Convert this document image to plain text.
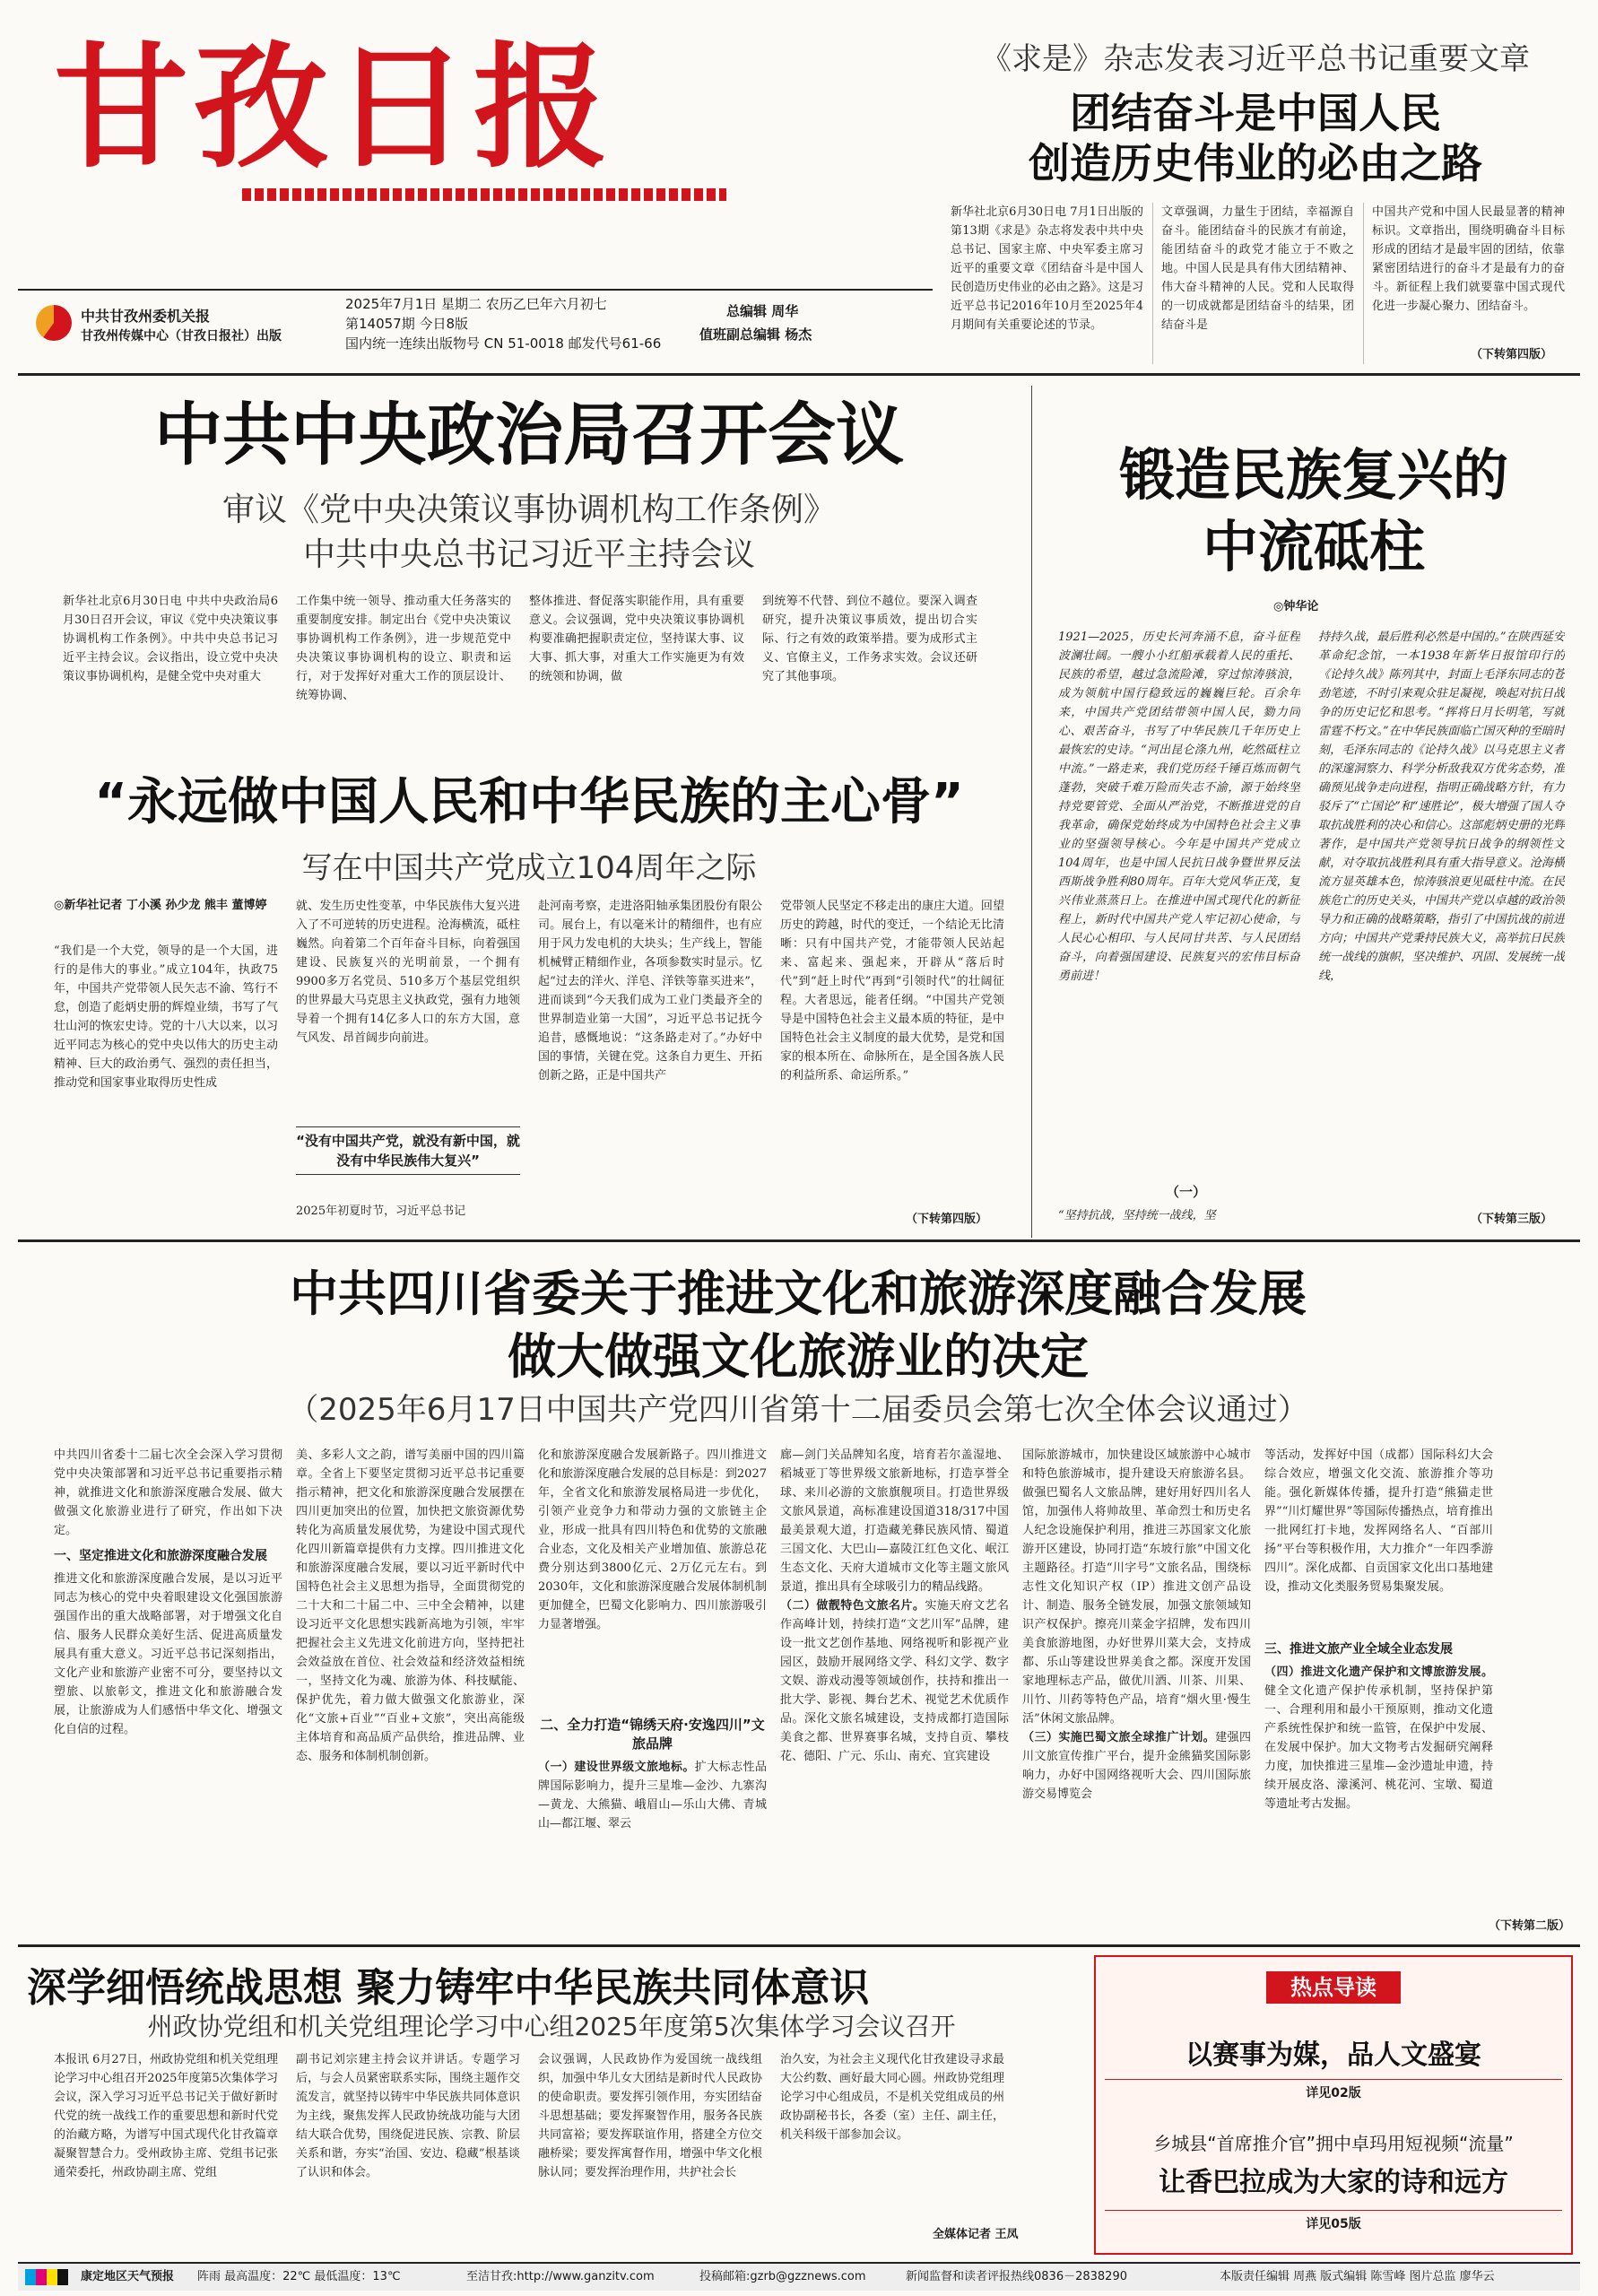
甘孜日报
中共甘孜州委机关报
甘孜州传媒中心（甘孜日报社）出版
2025年7月1日 星期二 农历乙巳年六月初七
第14057期 今日8版
国内统一连续出版物号 CN 51-0018 邮发代号61-66
总编辑 周华
值班副总编辑 杨杰
《求是》杂志发表习近平总书记重要文章
团结奋斗是中国人民
创造历史伟业的必由之路
新华社北京6月30日电 7月1日出版的第13期《求是》杂志将发表中共中央总书记、国家主席、中央军委主席习近平的重要文章《团结奋斗是中国人民创造历史伟业的必由之路》。这是习近平总书记2016年10月至2025年4月期间有关重要论述的节录。
文章强调，力量生于团结，幸福源自奋斗。能团结奋斗的民族才有前途，能团结奋斗的政党才能立于不败之地。中国人民是具有伟大团结精神、伟大奋斗精神的人民。党和人民取得的一切成就都是团结奋斗的结果，团结奋斗是
中国共产党和中国人民最显著的精神标识。文章指出，围绕明确奋斗目标形成的团结才是最牢固的团结，依靠紧密团结进行的奋斗才是最有力的奋斗。新征程上我们就要靠中国式现代化进一步凝心聚力、团结奋斗。
（下转第四版）
中共中央政治局召开会议
审议《党中央决策议事协调机构工作条例》
中共中央总书记习近平主持会议
新华社北京6月30日电 中共中央政治局6月30日召开会议，审议《党中央决策议事协调机构工作条例》。中共中央总书记习近平主持会议。会议指出，设立党中央决策议事协调机构，是健全党中央对重大
工作集中统一领导、推动重大任务落实的重要制度安排。制定出台《党中央决策议事协调机构工作条例》，进一步规范党中央决策议事协调机构的设立、职责和运行，对于发挥好对重大工作的顶层设计、统筹协调、
整体推进、督促落实职能作用，具有重要意义。会议强调，党中央决策议事协调机构要准确把握职责定位，坚持谋大事、议大事、抓大事，对重大工作实施更为有效的统领和协调，做
到统筹不代替、到位不越位。要深入调查研究，提升决策议事质效，提出切合实际、行之有效的政策举措。要为成形式主义、官僚主义，工作务求实效。会议还研究了其他事项。
“永远做中国人民和中华民族的主心骨”
写在中国共产党成立104周年之际
◎新华社记者 丁小溪 孙少龙 熊丰 董博婷
“我们是一个大党，领导的是一个大国，进行的是伟大的事业。”成立104年，执政75年，中国共产党带领人民矢志不渝、笃行不怠，创造了彪炳史册的辉煌业绩，书写了气壮山河的恢宏史诗。党的十八大以来，以习近平同志为核心的党中央以伟大的历史主动精神、巨大的政治勇气、强烈的责任担当，推动党和国家事业取得历史性成
就、发生历史性变革，中华民族伟大复兴进入了不可逆转的历史进程。沧海横流，砥柱巍然。向着第二个百年奋斗目标，向着强国建设、民族复兴的光明前景，一个拥有9900多万名党员、510多万个基层党组织的世界最大马克思主义执政党，强有力地领导着一个拥有14亿多人口的东方大国，意气风发、昂首阔步向前进。
“没有中国共产党，就没有新中国，就没有中华民族伟大复兴”
2025年初夏时节，习近平总书记
赴河南考察，走进洛阳轴承集团股份有限公司。展台上，有以毫米计的精细件，也有应用于风力发电机的大块头；生产线上，智能机械臂正精细作业，各项参数实时显示。忆起“过去的洋火、洋皂、洋铁等靠买进来”，进而谈到“今天我们成为工业门类最齐全的世界制造业第一大国”，习近平总书记抚今追昔，感慨地说：“这条路走对了。”办好中国的事情，关键在党。这条自力更生、开拓创新之路，正是中国共产
党带领人民坚定不移走出的康庄大道。回望历史的跨越，时代的变迁，一个结论无比清晰：只有中国共产党，才能带领人民站起来、富起来、强起来，开辟从“落后时代”到“赶上时代”再到“引领时代”的壮阔征程。大者思远，能者任纲。“中国共产党领导是中国特色社会主义最本质的特征，是中国特色社会主义制度的最大优势，是党和国家的根本所在、命脉所在，是全国各族人民的利益所系、命运所系。”
（下转第四版）
锻造民族复兴的
中流砥柱
◎钟华论
1921—2025，历史长河奔涌不息，奋斗征程波澜壮阔。一艘小小红船承载着人民的重托、民族的希望，越过急流险滩，穿过惊涛骇浪，成为领航中国行稳致远的巍巍巨轮。百余年来，中国共产党团结带领中国人民，勠力同心、艰苦奋斗，书写了中华民族几千年历史上最恢宏的史诗。“河出昆仑涤九州，屹然砥柱立中流。”一路走来，我们党历经千锤百炼而朝气蓬勃，突破千难万险而失志不渝，源于始终坚持党要管党、全面从严治党，不断推进党的自我革命，确保党始终成为中国特色社会主义事业的坚强领导核心。今年是中国共产党成立104周年，也是中国人民抗日战争暨世界反法西斯战争胜利80周年。百年大党风华正茂，复兴伟业蒸蒸日上。在推进中国式现代化的新征程上，新时代中国共产党人牢记初心使命，与人民心心相印、与人民同甘共苦、与人民团结奋斗，向着强国建设、民族复兴的宏伟目标奋勇前进！
（一）
“坚持抗战，坚持统一战线，坚
持持久战，最后胜利必然是中国的。”在陕西延安革命纪念馆，一本1938年新华日报馆印行的《论持久战》陈列其中，封面上毛泽东同志的苍劲笔迹，不时引来观众驻足凝视，唤起对抗日战争的历史记忆和思考。“挥将日月长明笔，写就雷霆不朽文。”在中华民族面临亡国灭种的至暗时刻，毛泽东同志的《论持久战》以马克思主义者的深邃洞察力、科学分析敌我双方优劣态势，准确预见战争走向进程，指明正确战略方针，有力驳斥了“亡国论”和“速胜论”，极大增强了国人夺取抗战胜利的决心和信心。这部彪炳史册的光辉著作，是中国共产党领导抗日战争的纲领性文献，对夺取抗战胜利具有重大指导意义。沧海横流方显英雄本色，惊涛骇浪更见砥柱中流。在民族危亡的历史关头，中国共产党以卓越的政治领导力和正确的战略策略，指引了中国抗战的前进方向；中国共产党秉持民族大义，高举抗日民族统一战线的旗帜，坚决维护、巩固、发展统一战线，
（下转第三版）
中共四川省委关于推进文化和旅游深度融合发展
做大做强文化旅游业的决定
（2025年6月17日中国共产党四川省第十二届委员会第七次全体会议通过）
中共四川省委十二届七次全会深入学习贯彻党中央决策部署和习近平总书记重要指示精神，就推进文化和旅游深度融合发展、做大做强文化旅游业进行了研究，作出如下决定。
一、坚定推进文化和旅游深度融合发展
推进文化和旅游深度融合发展，是以习近平同志为核心的党中央着眼建设文化强国旅游强国作出的重大战略部署，对于增强文化自信、服务人民群众美好生活、促进高质量发展具有重大意义。习近平总书记深刻指出，文化产业和旅游产业密不可分，要坚持以文塑旅、以旅彰文，推进文化和旅游融合发展，让旅游成为人们感悟中华文化、增强文化自信的过程。
美、多彩人文之韵，谱写美丽中国的四川篇章。全省上下要坚定贯彻习近平总书记重要指示精神，把文化和旅游深度融合发展摆在四川更加突出的位置，加快把文旅资源优势转化为高质量发展优势，为建设中国式现代化四川新篇章提供有力支撑。四川推进文化和旅游深度融合发展，要以习近平新时代中国特色社会主义思想为指导，全面贯彻党的二十大和二十届二中、三中全会精神，以建设习近平文化思想实践新高地为引领，牢牢把握社会主义先进文化前进方向，坚持把社会效益放在首位、社会效益和经济效益相统一，坚持文化为魂、旅游为体、科技赋能、保护优先，着力做大做强文化旅游业，深化“文旅+百业”“百业+文旅”，突出高能级主体培育和高品质产品供给，推进品牌、业态、服务和体制机制创新。
化和旅游深度融合发展新路子。四川推进文化和旅游深度融合发展的总目标是：到2027年，全省文化和旅游发展格局进一步优化，引领产业竞争力和带动力强的文旅链主企业，形成一批具有四川特色和优势的文旅融合业态，文化及相关产业增加值、旅游总花费分别达到3800亿元、2万亿元左右。到2030年，文化和旅游深度融合发展体制机制更加健全，巴蜀文化影响力、四川旅游吸引力显著增强。
二、全力打造“锦绣天府·安逸四川”文旅品牌
（一）建设世界级文旅地标。扩大标志性品牌国际影响力，提升三星堆—金沙、九寨沟—黄龙、大熊猫、峨眉山—乐山大佛、青城山—都江堰、翠云
廊—剑门关品牌知名度，培育若尔盖湿地、稻城亚丁等世界级文旅新地标，打造享誉全球、来川必游的文旅旗舰项目。打造世界级文旅风景道，高标准建设国道318/317中国最美景观大道，打造藏羌彝民族风情、蜀道三国文化、大巴山—嘉陵江红色文化、岷江生态文化、天府大道城市文化等主题文旅风景道，推出具有全球吸引力的精品线路。
（二）做靓特色文旅名片。实施天府文艺名作高峰计划，持续打造“文艺川军”品牌，建设一批文艺创作基地、网络视听和影视产业园区，鼓励开展网络文学、科幻文学、数字文娱、游戏动漫等领域创作，扶持和推出一批大学、影视、舞台艺术、视觉艺术优质作品。深化文旅名城建设，支持成都打造国际美食之都、世界赛事名城，支持自贡、攀枝花、德阳、广元、乐山、南充、宜宾建设
国际旅游城市，加快建设区域旅游中心城市和特色旅游城市，提升建设天府旅游名县。做强巴蜀名人文旅品牌，建好用好四川名人馆，加强伟人将帅故里、革命烈士和历史名人纪念设施保护利用，推进三苏国家文化旅游开区建设，协同打造“东坡行旅”中国文化主题路径。打造“川字号”文旅名品，围绕标志性文化知识产权（IP）推进文创产品设计、制造、服务全链发展，加强文旅领域知识产权保护。擦亮川菜金字招牌，发布四川美食旅游地图，办好世界川菜大会，支持成都、乐山等建设世界美食之都。深度开发国家地理标志产品，做优川酒、川茶、川果、川竹、川药等特色产品，培育“烟火里·慢生活”休闲文旅品牌。
（三）实施巴蜀文旅全球推广计划。建强四川文旅宣传推广平台，提升金熊猫奖国际影响力，办好中国网络视听大会、四川国际旅游交易博览会
等活动，发挥好中国（成都）国际科幻大会综合效应，增强文化交流、旅游推介等功能。强化新媒体传播，提升打造“熊猫走世界”“川灯耀世界”等国际传播热点，培育推出一批网红打卡地，发挥网络名人、“百部川扬”平台等积极作用，大力推介“一年四季游四川”。深化成都、自贡国家文化出口基地建设，推动文化类服务贸易集聚发展。
三、推进文旅产业全域全业态发展
（四）推进文化遗产保护和文博旅游发展。健全文化遗产保护传承机制，坚持保护第一、合理利用和最小干预原则，推动文化遗产系统性保护和统一监管，在保护中发展、在发展中保护。加大文物考古发掘研究阐释力度，加快推进三星堆—金沙遗址申遗，持续开展皮洛、濛溪河、桃花河、宝墩、蜀道等遗址考古发掘。
（下转第二版）
深学细悟统战思想 聚力铸牢中华民族共同体意识
州政协党组和机关党组理论学习中心组2025年度第5次集体学习会议召开
本报讯 6月27日，州政协党组和机关党组理论学习中心组召开2025年度第5次集体学习会议，深入学习习近平总书记关于做好新时代党的统一战线工作的重要思想和新时代党的治藏方略，为谱写中国式现代化甘孜篇章凝聚智慧合力。受州政协主席、党组书记张通荣委托，州政协副主席、党组
副书记刘宗建主持会议并讲话。专题学习后，与会人员紧密联系实际，围绕主题作交流发言，就坚持以铸牢中华民族共同体意识为主线，聚焦发挥人民政协统战功能与大团结大联合优势，围绕促进民族、宗教、阶层关系和谐，夯实“治国、安边、稳藏”根基谈了认识和体会。
会议强调，人民政协作为爱国统一战线组织，加强中华儿女大团结是新时代人民政协的使命职责。要发挥引领作用，夯实团结奋斗思想基础；要发挥聚智作用，服务各民族共同富裕；要发挥联谊作用，搭建全方位交融桥梁；要发挥寓督作用，增强中华文化根脉认同；要发挥治理作用，共护社会长
治久安，为社会主义现代化甘孜建设寻求最大公约数、画好最大同心圆。州政协党组理论学习中心组成员，不是机关党组成员的州政协副秘书长，各委（室）主任、副主任，机关科级干部参加会议。
全媒体记者 王凤
热点导读
以赛事为媒，品人文盛宴
详见02版
乡城县“首席推介官”拥中卓玛用短视频“流量”
让香巴拉成为大家的诗和远方
详见05版
康定地区天气预报 阵雨 最高温度：22℃ 最低温度：13℃	至洁甘孜:http://www.ganzitv.com	投稿邮箱:gzrb@gzznews.com	新闻监督和读者评报热线0836－2838290	本版责任编辑 周燕 版式编辑 陈雪峰 图片总监 廖华云
